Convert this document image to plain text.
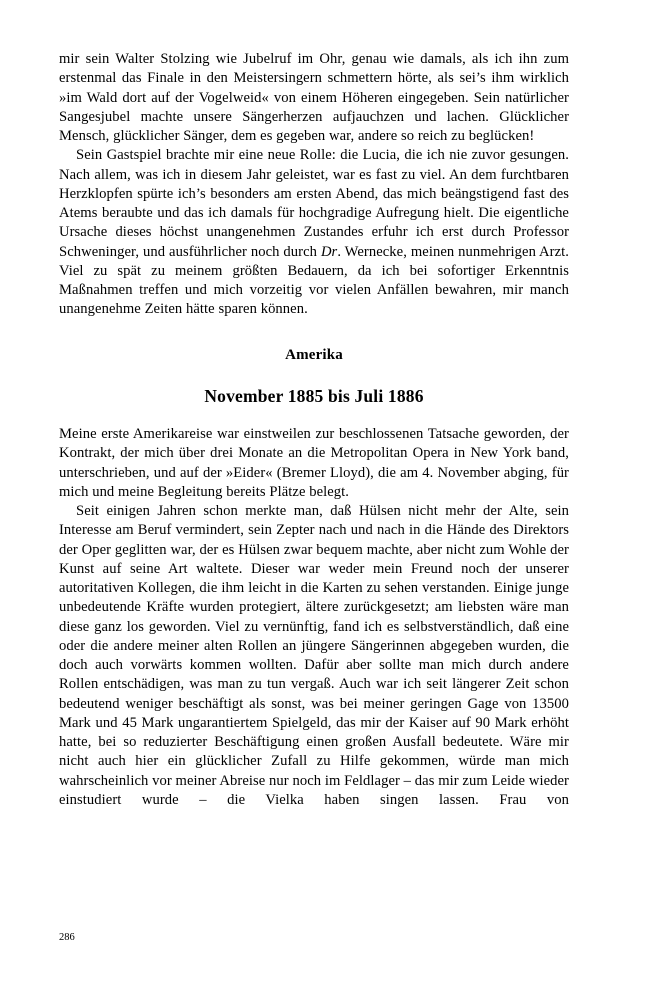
mir sein Walter Stolzing wie Jubelruf im Ohr, genau wie damals, als ich ihn zum erstenmal das Finale in den Meistersingern schmettern hörte, als sei’s ihm wirklich »im Wald dort auf der Vogelweid« von einem Höheren eingegeben. Sein natürlicher Sangesjubel machte unsere Sängerherzen aufjauchzen und lachen. Glücklicher Mensch, glücklicher Sänger, dem es gegeben war, andere so reich zu beglücken!

Sein Gastspiel brachte mir eine neue Rolle: die Lucia, die ich nie zuvor gesungen. Nach allem, was ich in diesem Jahr geleistet, war es fast zu viel. An dem furchtbaren Herzklopfen spürte ich’s besonders am ersten Abend, das mich beängstigend fast des Atems beraubte und das ich damals für hochgradige Aufregung hielt. Die eigentliche Ursache dieses höchst unangenehmen Zustandes erfuhr ich erst durch Professor Schweninger, und ausführlicher noch durch Dr. Wernecke, meinen nunmehrigen Arzt. Viel zu spät zu meinem größten Bedauern, da ich bei sofortiger Erkenntnis Maßnahmen treffen und mich vorzeitig vor vielen Anfällen bewahren, mir manch unangenehme Zeiten hätte sparen können.

Amerika
November 1885 bis Juli 1886

Meine erste Amerikareise war einstweilen zur beschlossenen Tatsache geworden, der Kontrakt, der mich über drei Monate an die Metropolitan Opera in New York band, unterschrieben, und auf der »Eider« (Bremer Lloyd), die am 4. November abging, für mich und meine Begleitung bereits Plätze belegt.

Seit einigen Jahren schon merkte man, daß Hülsen nicht mehr der Alte, sein Interesse am Beruf vermindert, sein Zepter nach und nach in die Hände des Direktors der Oper geglitten war, der es Hülsen zwar bequem machte, aber nicht zum Wohle der Kunst auf seine Art waltete. Dieser war weder mein Freund noch der unserer autoritativen Kollegen, die ihm leicht in die Karten zu sehen verstanden. Einige junge unbedeutende Kräfte wurden protegiert, ältere zurückgesetzt; am liebsten wäre man diese ganz los geworden. Viel zu vernünftig, fand ich es selbstverständlich, daß eine oder die andere meiner alten Rollen an jüngere Sängerinnen abgegeben wurden, die doch auch vorwärts kommen wollten. Dafür aber sollte man mich durch andere Rollen entschädigen, was man zu tun vergaß. Auch war ich seit längerer Zeit schon bedeutend weniger beschäftigt als sonst, was bei meiner geringen Gage von 13500 Mark und 45 Mark ungarantiertem Spielgeld, das mir der Kaiser auf 90 Mark erhöht hatte, bei so reduzierter Beschäftigung einen großen Ausfall bedeutete. Wäre mir nicht auch hier ein glücklicher Zufall zu Hilfe gekommen, würde man mich wahrscheinlich vor meiner Abreise nur noch im Feldlager – das mir zum Leide wieder einstudiert wurde – die Vielka haben singen lassen. Frau von

286
